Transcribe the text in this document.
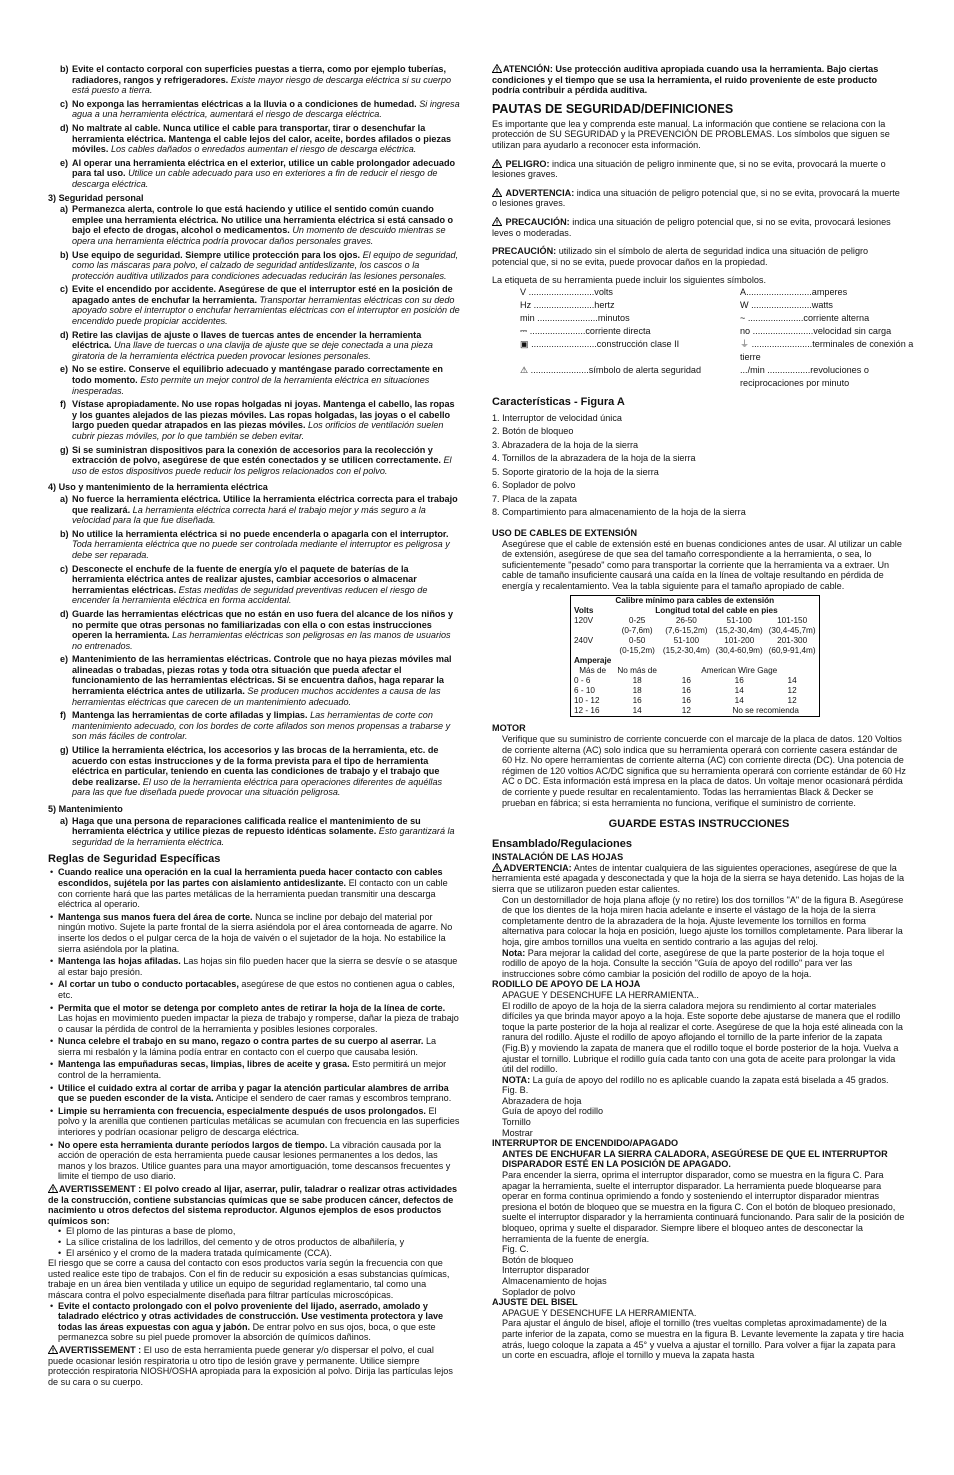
b) Evite el contacto corporal con superficies puestas a tierra, como por ejemplo tuberías, radiadores, rangos y refrigeradores. Existe mayor riesgo de descarga eléctrica si su cuerpo está puesto a tierra.
c) No exponga las herramientas eléctricas a la lluvia o a condiciones de humedad. Si ingresa agua a una herramienta eléctrica, aumentará el riesgo de descarga eléctrica.
d) No maltrate al cable. Nunca utilice el cable para transportar, tirar o desenchufar la herramienta eléctrica. Mantenga el cable lejos del calor, aceite, bordes afilados o piezas móviles. Los cables dañados o enredados aumentan el riesgo de descarga eléctrica.
e) Al operar una herramienta eléctrica en el exterior, utilice un cable prolongador adecuado para tal uso. Utilice un cable adecuado para uso en exteriores a fin de reducir el riesgo de descarga eléctrica.

3) Seguridad personal

a) Permanezca alerta, controle lo que está haciendo y utilice el sentido común cuando emplee una herramienta eléctrica. No utilice una herramienta eléctrica si está cansado o bajo el efecto de drogas, alcohol o medicamentos. Un momento de descuido mientras se opera una herramienta eléctrica podría provocar daños personales graves.
b) Use equipo de seguridad. Siempre utilice protección para los ojos. El equipo de seguridad, como las máscaras para polvo, el calzado de seguridad antideslizante, los cascos o la protección auditiva utilizados para condiciones adecuadas reducirán las lesiones personales.
c) Evite el encendido por accidente. Asegúrese de que el interruptor esté en la posición de apagado antes de enchufar la herramienta. Transportar herramientas eléctricas con su dedo apoyado sobre el interruptor o enchufar herramientas eléctricas con el interruptor en posición de encendido puede propiciar accidentes.
d) Retire las clavijas de ajuste o llaves de tuercas antes de encender la herramienta eléctrica. Una llave de tuercas o una clavija de ajuste que se deje conectada a una pieza giratoria de la herramienta eléctrica pueden provocar lesiones personales.
e) No se estire. Conserve el equilibrio adecuado y manténgase parado correctamente en todo momento. Esto permite un mejor control de la herramienta eléctrica en situaciones inesperadas.
f) Vístase apropiadamente. No use ropas holgadas ni joyas. Mantenga el cabello, las ropas y los guantes alejados de las piezas móviles. Las ropas holgadas, las joyas o el cabello largo pueden quedar atrapados en las piezas móviles. Los orificios de ventilación suelen cubrir piezas móviles, por lo que también se deben evitar.
g) Si se suministran dispositivos para la conexión de accesorios para la recolección y extracción de polvo, asegúrese de que estén conectados y se utilicen correctamente. El uso de estos dispositivos puede reducir los peligros relacionados con el polvo.

4) Uso y mantenimiento de la herramienta eléctrica

a) No fuerce la herramienta eléctrica. Utilice la herramienta eléctrica correcta para el trabajo que realizará. La herramienta eléctrica correcta hará el trabajo mejor y más seguro a la velocidad para la que fue diseñada.
b) No utilice la herramienta eléctrica si no puede encenderla o apagarla con el interruptor. Toda herramienta eléctrica que no puede ser controlada mediante el interruptor es peligrosa y debe ser reparada.
c) Desconecte el enchufe de la fuente de energía y/o el paquete de baterías de la herramienta eléctrica antes de realizar ajustes, cambiar accesorios o almacenar herramientas eléctricas. Estas medidas de seguridad preventivas reducen el riesgo de encender la herramienta eléctrica en forma accidental.
d) Guarde las herramientas eléctricas que no están en uso fuera del alcance de los niños y no permite que otras personas no familiarizadas con ella o con estas instrucciones operen la herramienta. Las herramientas eléctricas son peligrosas en las manos de usuarios no entrenados.
e) Mantenimiento de las herramientas eléctricas. Controle que no haya piezas móviles mal alineadas o trabadas, piezas rotas y toda otra situación que pueda afectar el funcionamiento de las herramientas eléctricas. Si se encuentra daños, haga reparar la herramienta eléctrica antes de utilizarla. Se producen muchos accidentes a causa de las herramientas eléctricas que carecen de un mantenimiento adecuado.
f) Mantenga las herramientas de corte afiladas y limpias. Las herramientas de corte con mantenimiento adecuado, con los bordes de corte afilados son menos propensas a trabarse y son más fáciles de controlar.
g) Utilice la herramienta eléctrica, los accesorios y las brocas de la herramienta, etc. de acuerdo con estas instrucciones y de la forma prevista para el tipo de herramienta eléctrica en particular, teniendo en cuenta las condiciones de trabajo y el trabajo que debe realizarse. El uso de la herramienta eléctrica para operaciones diferentes de aquéllas para las que fue diseñada puede provocar una situación peligrosa.

5) Mantenimiento

a) Haga que una persona de reparaciones calificada realice el mantenimiento de su herramienta eléctrica y utilice piezas de repuesto idénticas solamente. Esto garantizará la seguridad de la herramienta eléctrica.
Reglas de Seguridad Específicas
• Cuando realice una operación en la cual la herramienta pueda hacer contacto con cables escondidos, sujétela por las partes con aislamiento antideslizante. El contacto con un cable con corriente hará que las partes metálicas de la herramienta puedan transmitir una descarga eléctrica al operario.
• Mantenga sus manos fuera del área de corte. Nunca se incline por debajo del material por ningún motivo. Sujete la parte frontal de la sierra asiéndola por el área contorneada de agarre. No inserte los dedos o el pulgar cerca de la hoja de vaivén o el sujetador de la hoja. No estabilice la sierra asiéndola por la platina.
• Mantenga las hojas afiladas. Las hojas sin filo pueden hacer que la sierra se desvíe o se atasque al estar bajo presión.
• Al cortar un tubo o conducto portacables, asegúrese de que estos no contienen agua o cables, etc.
• Permita que el motor se detenga por completo antes de retirar la hoja de la línea de corte. Las hojas en movimiento pueden impactar la pieza de trabajo y romperse, dañar la pieza de trabajo o causar la pérdida de control de la herramienta y posibles lesiones corporales.
• Nunca celebre el trabajo en su mano, regazo o contra partes de su cuerpo al aserrar. La sierra mi resbalón y la lámina podía entrar en contacto con el cuerpo que causaba lesión.
• Mantenga las empuñaduras secas, limpias, libres de aceite y grasa. Esto permitirá un mejor control de la herramienta.
• Utilice el cuidado extra al cortar de arriba y pagar la atención particular alambres de arriba que se pueden esconder de la vista. Anticipe el sendero de caer ramas y escombros temprano.
• Limpie su herramienta con frecuencia, especialmente después de usos prolongados. El polvo y la arenilla que contienen partículas metálicas se acumulan con frecuencia en las superficies interiores y podrían ocasionar peligro de descarga eléctrica.
• No opere esta herramienta durante períodos largos de tiempo. La vibración causada por la acción de operación de esta herramienta puede causar lesiones permanentes a los dedos, las manos y los brazos. Utilice guantes para una mayor amortiguación, tome descansos frecuentes y limite el tiempo de uso diario.

AVERTISSEMENT : El polvo creado al lijar, aserrar, pulir, taladrar o realizar otras actividades de la construcción, contiene substancias químicas que se sabe producen cáncer, defectos de nacimiento u otros defectos del sistema reproductor. Algunos ejemplos de esos productos químicos son:

• El plomo de las pinturas a base de plomo,

• La sílice cristalina de los ladrillos, del cemento y de otros productos de albañilería, y

• El arsénico y el cromo de la madera tratada químicamente (CCA).

El riesgo que se corre a causa del contacto con esos productos varía según la frecuencia con que usted realice este tipo de trabajos. Con el fin de reducir su exposición a esas substancias químicas, trabaje en un área bien ventilada y utilice un equipo de seguridad reglamentario, tal como una máscara contra el polvo especialmente diseñada para filtrar partículas microscópicas.

• Evite el contacto prolongado con el polvo proveniente del lijado, aserrado, amolado y taladrado eléctrico y otras actividades de construcción. Use vestimenta protectora y lave todas las áreas expuestas con agua y jabón. De entrar polvo en sus ojos, boca, o que este permanezca sobre su piel puede promover la absorción de químicos dañinos.

AVERTISSEMENT : El uso de esta herramienta puede generar y/o dispersar el polvo, el cual puede ocasionar lesión respiratoria u otro tipo de lesión grave y permanente. Utilice siempre protección respiratoria NIOSH/OSHA apropiada para la exposición al polvo. Dirija las partículas lejos de su cara o su cuerpo.

ATENCIÓN: Use protección auditiva apropiada cuando usa la herramienta. Bajo ciertas condiciones y el tiempo que se usa la herramienta, el ruido proveniente de este producto podría contribuir a pérdida auditiva.

PAUTAS DE SEGURIDAD/DEFINICIONES

Es importante que lea y comprenda este manual. La información que contiene se relaciona con la protección de SU SEGURIDAD y la PREVENCIÓN DE PROBLEMAS. Los símbolos que siguen se utilizan para ayudarlo a reconocer esta información.

PELIGRO: indica una situación de peligro inminente que, si no se evita, provocará la muerte o lesiones graves.

ADVERTENCIA: indica una situación de peligro potencial que, si no se evita, provocará la muerte o lesiones graves.

PRECAUCIÓN: indica una situación de peligro potencial que, si no se evita, provocará lesiones leves o moderadas.

PRECAUCIÓN: utilizado sin el símbolo de alerta de seguridad indica una situación de peligro potencial que, si no se evita, puede provocar daños en la propiedad.

La etiqueta de su herramienta puede incluir los siguientes símbolos.

V ..........................volts	A..........................amperes
Hz ........................hertz	W ........................watts
min ........................minutos	~ ......................corriente alterna
⎓ ......................corriente directa	no ........................velocidad sin carga
▣ ..........................construcción clase II	⏚ ........................terminales de conexión a tierre
⚠ .......................símbolo de alerta seguridad	.../min .................revoluciones o reciprocaciones por minuto
Características - Figura A
1. Interruptor de velocidad única
2. Botón de bloqueo
3. Abrazadera de la hoja de la sierra
4. Tornillos de la abrazadera de la hoja de la sierra
5. Soporte giratorio de la hoja de la sierra
6. Soplador de polvo
7. Placa de la zapata
8. Compartimiento para almacenamiento de la hoja de la sierra

USO DE CABLES DE EXTENSIÓN

Asegúrese que el cable de extensión esté en buenas condiciones antes de usar. Al utilizar un cable de extensión, asegúrese de que sea del tamaño correspondiente a la herramienta, o sea, lo suficientemente "pesado" como para transportar la corriente que la herramienta va a extraer. Un cable de tamaño insuficiente causará una caída en la línea de voltaje resultando en pérdida de energía y recalentamiento. Vea la tabla siguiente para el tamaño apropiado de cable.

Calibre mínimo para cables de extensión				
Volts	Longitud total del cable en pies			
120V	0-25	26-50	51-100	101-150
	(0-7,6m)	(7,6-15,2m)	(15,2-30,4m)	(30,4-45,7m)
240V	0-50	51-100	101-200	201-300
	(0-15,2m)	(15,2-30,4m)	(30,4-60,9m)	(60,9-91,4m)
Amperaje				
Más de	No más de	American Wire Gage		
0 - 6	18	16	16	14
6 - 10	18	16	14	12
10 - 12	16	16	14	12
12 - 16	14	12	No se recomienda	

MOTOR

Verifique que su suministro de corriente concuerde con el marcaje de la placa de datos. 120 Voltios de corriente alterna (AC) solo indica que su herramienta operará con corriente casera estándar de 60 Hz. No opere herramientas de corriente alterna (AC) con corriente directa (DC). Una potencia de régimen de 120 voltios AC/DC significa que su herramienta operará con corriente estándar de 60 Hz AC o DC. Esta información está impresa en la placa de datos. Un voltaje menor ocasionará pérdida de corriente y puede resultar en recalentamiento. Todas las herramientas Black & Decker se prueban en fábrica; si esta herramienta no funciona, verifique el suministro de corriente.

GUARDE ESTAS INSTRUCCIONES

Ensamblado/Regulaciones

INSTALACIÓN DE LAS HOJAS

ADVERTENCIA: Antes de intentar cualquiera de las siguientes operaciones, asegúrese de que la herramienta esté apagada y desconectada y que la hoja de la sierra se haya detenido. Las hojas de la sierra que se utilizaron pueden estar calientes.

Con un destornillador de hoja plana afloje (y no retire) los dos tornillos "A" de la figura B. Asegúrese de que los dientes de la hoja miren hacia adelante e inserte el vástago de la hoja de la sierra completamente dentro de la abrazadera de la hoja. Ajuste levemente los tornillos en forma alternativa para colocar la hoja en posición, luego ajuste los tornillos completamente. Para liberar la hoja, gire ambos tornillos una vuelta en sentido contrario a las agujas del reloj.

Nota: Para mejorar la calidad del corte, asegúrese de que la parte posterior de la hoja toque el rodillo de apoyo de la hoja. Consulte la sección "Guía de apoyo del rodillo" para ver las instrucciones sobre cómo cambiar la posición del rodillo de apoyo de la hoja.

RODILLO DE APOYO DE LA HOJA

APAGUE Y DESENCHUFE LA HERRAMIENTA..

El rodillo de apoyo de la hoja de la sierra caladora mejora su rendimiento al cortar materiales difíciles ya que brinda mayor apoyo a la hoja. Este soporte debe ajustarse de manera que el rodillo toque la parte posterior de la hoja al realizar el corte. Asegúrese de que la hoja esté alineada con la ranura del rodillo. Ajuste el rodillo de apoyo aflojando el tornillo de la parte inferior de la zapata (Fig.B) y moviendo la zapata de manera que el rodillo toque el borde posterior de la hoja. Vuelva a ajustar el tornillo. Lubrique el rodillo guía cada tanto con una gota de aceite para prolongar la vida útil del rodillo.

NOTA: La guía de apoyo del rodillo no es aplicable cuando la zapata está biselada a 45 grados.

Fig. B.

Abrazadera de hoja

Guía de apoyo del rodillo

Tornillo

Mostrar

INTERRUPTOR DE ENCENDIDO/APAGADO

ANTES DE ENCHUFAR LA SIERRA CALADORA, ASEGÚRESE DE QUE EL INTERRUPTOR DISPARADOR ESTÉ EN LA POSICIÓN DE APAGADO.

Para encender la sierra, oprima el interruptor disparador, como se muestra en la figura C. Para apagar la herramienta, suelte el interruptor disparador. La herramienta puede bloquearse para operar en forma continua oprimiendo a fondo y sosteniendo el interruptor disparador mientras presiona el botón de bloqueo que se muestra en la figura C. Con el botón de bloqueo presionado, suelte el interruptor disparador y la herramienta continuará funcionando. Para salir de la posición de bloqueo, oprima y suelte el disparador. Siempre libere el bloqueo antes de desconectar la herramienta de la fuente de energía.

Fig. C.

Botón de bloqueo

Interruptor disparador

Almacenamiento de hojas

Soplador de polvo

AJUSTE DEL BISEL

APAGUE Y DESENCHUFE LA HERRAMIENTA.

Para ajustar el ángulo de bisel, afloje el tornillo (tres vueltas completas aproximadamente) de la parte inferior de la zapata, como se muestra en la figura B. Levante levemente la zapata y tire hacia atrás, luego coloque la zapata a 45° y vuelva a ajustar el tornillo. Para volver a fijar la zapata para un corte en escuadra, afloje el tornillo y mueva la zapata hasta
